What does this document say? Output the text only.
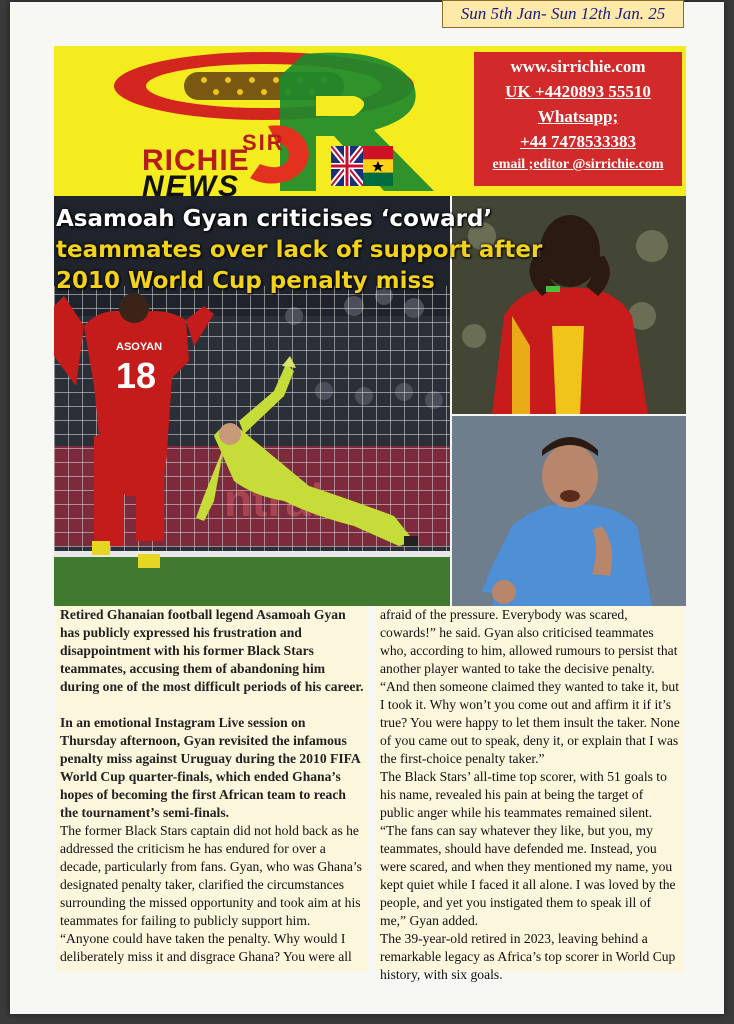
Sun 5th Jan- Sun 12th Jan. 25
SIR
RICHIE
NEWS
www.sirrichie.com
UK +4420893 55510
Whatsapp;
+44 7478533383
email ;editor @sirrichie.com
ASOYAN
18
Asamoah Gyan criticises ‘coward’
teammates over lack of support after
2010 World Cup penalty miss

Retired Ghanaian football legend Asamoah Gyan has publicly expressed his frustration and disappointment with his former Black Stars teammates, accusing them of abandoning him during one of the most difficult periods of his career.

In an emotional Instagram Live session on Thursday afternoon, Gyan revisited the infamous penalty miss against Uruguay during the 2010 FIFA World Cup quarter-finals, which ended Ghana’s hopes of becoming the first African team to reach the tournament’s semi-finals.

The former Black Stars captain did not hold back as he addressed the criticism he has endured for over a decade, particularly from fans. Gyan, who was Ghana’s designated penalty taker, clarified the circumstances surrounding the missed opportunity and took aim at his teammates for failing to publicly support him.

“Anyone could have taken the penalty. Why would I deliberately miss it and disgrace Ghana? You were all

afraid of the pressure. Everybody was scared, cowards!” he said. Gyan also criticised teammates who, according to him, allowed rumours to persist that another player wanted to take the decisive penalty.

“And then someone claimed they wanted to take it, but I took it. Why won’t you come out and affirm it if it’s true? You were happy to let them insult the taker. None of you came out to speak, deny it, or explain that I was the first-choice penalty taker.”

The Black Stars’ all-time top scorer, with 51 goals to his name, revealed his pain at being the target of public anger while his teammates remained silent.

“The fans can say whatever they like, but you, my teammates, should have defended me. Instead, you were scared, and when they mentioned my name, you kept quiet while I faced it all alone. I was loved by the people, and yet you instigated them to speak ill of me,” Gyan added.

The 39-year-old retired in 2023, leaving behind a remarkable legacy as Africa’s top scorer in World Cup history, with six goals.
